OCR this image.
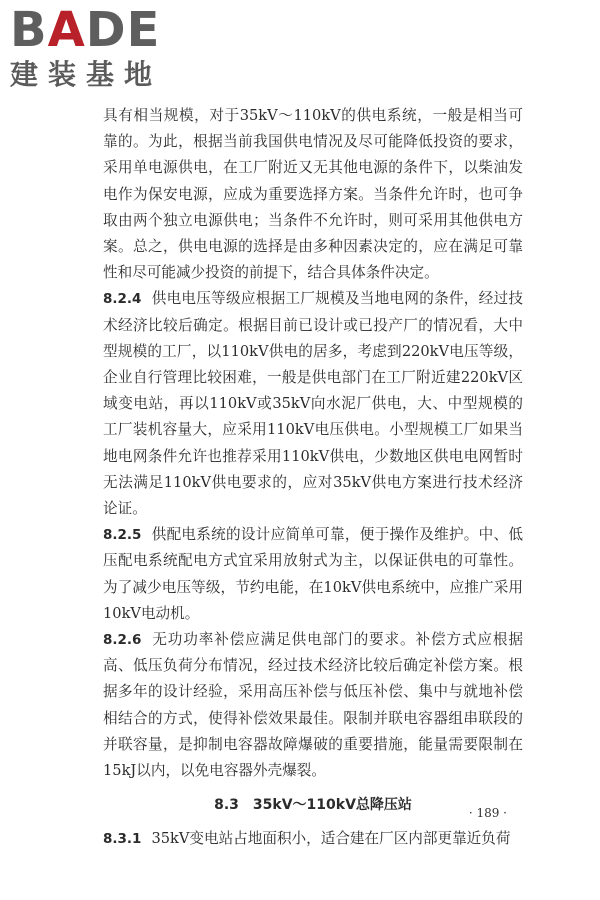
B A DE
建装基地

具有相当规模，对于35kV～110kV的供电系统，一般是相当可靠的。为此，根据当前我国供电情况及尽可能降低投资的要求，采用单电源供电，在工厂附近又无其他电源的条件下，以柴油发电作为保安电源，应成为重要选择方案。当条件允许时，也可争取由两个独立电源供电；当条件不允许时，则可采用其他供电方案。总之，供电电源的选择是由多种因素决定的，应在满足可靠性和尽可能减少投资的前提下，结合具体条件决定。

8.2.4 供电电压等级应根据工厂规模及当地电网的条件，经过技术经济比较后确定。根据目前已设计或已投产厂的情况看，大中型规模的工厂，以110kV供电的居多，考虑到220kV电压等级，企业自行管理比较困难，一般是供电部门在工厂附近建220kV区域变电站，再以110kV或35kV向水泥厂供电，大、中型规模的工厂装机容量大，应采用110kV电压供电。小型规模工厂如果当地电网条件允许也推荐采用110kV供电，少数地区供电电网暂时无法满足110kV供电要求的，应对35kV供电方案进行技术经济论证。

8.2.5 供配电系统的设计应简单可靠，便于操作及维护。中、低压配电系统配电方式宜采用放射式为主，以保证供电的可靠性。为了减少电压等级，节约电能，在10kV供电系统中，应推广采用10kV电动机。

8.2.6 无功功率补偿应满足供电部门的要求。补偿方式应根据高、低压负荷分布情况，经过技术经济比较后确定补偿方案。根据多年的设计经验，采用高压补偿与低压补偿、集中与就地补偿相结合的方式，使得补偿效果最佳。限制并联电容器组串联段的并联容量，是抑制电容器故障爆破的重要措施，能量需要限制在15kJ以内，以免电容器外壳爆裂。

8.3 35kV～110kV总降压站

8.3.1 35kV变电站占地面积小，适合建在厂区内部更靠近负荷

· 189 ·
